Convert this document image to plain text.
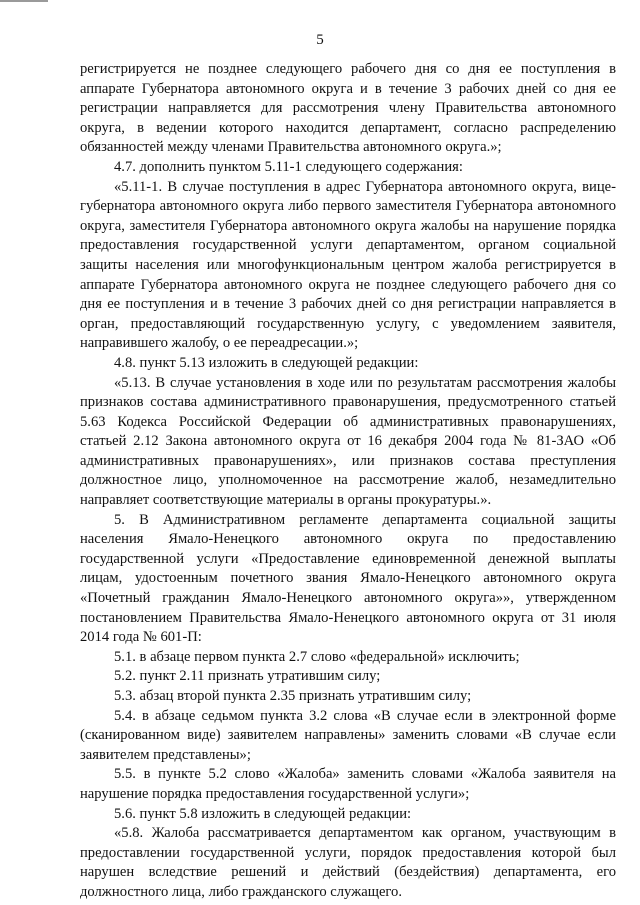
5

регистрируется не позднее следующего рабочего дня со дня ее поступления в аппарате Губернатора автономного округа и в течение 3 рабочих дней со дня ее регистрации направляется для рассмотрения члену Правительства автономного округа, в ведении которого находится департамент, согласно распределению обязанностей между членами Правительства автономного округа.»;

4.7. дополнить пунктом 5.11-1 следующего содержания:

«5.11-1. В случае поступления в адрес Губернатора автономного округа, вице-губернатора автономного округа либо первого заместителя Губернатора автономного округа, заместителя Губернатора автономного округа жалобы на нарушение порядка предоставления государственной услуги департаментом, органом социальной защиты населения или многофункциональным центром жалоба регистрируется в аппарате Губернатора автономного округа не позднее следующего рабочего дня со дня ее поступления и в течение 3 рабочих дней со дня регистрации направляется в орган, предоставляющий государственную услугу, с уведомлением заявителя, направившего жалобу, о ее переадресации.»;

4.8. пункт 5.13 изложить в следующей редакции:

«5.13. В случае установления в ходе или по результатам рассмотрения жалобы признаков состава административного правонарушения, предусмотренного статьей 5.63 Кодекса Российской Федерации об административных правонарушениях, статьей 2.12 Закона автономного округа от 16 декабря 2004 года № 81-ЗАО «Об административных правонарушениях», или признаков состава преступления должностное лицо, уполномоченное на рассмотрение жалоб, незамедлительно направляет соответствующие материалы в органы прокуратуры.».

5. В Административном регламенте департамента социальной защиты населения Ямало-Ненецкого автономного округа по предоставлению государственной услуги «Предоставление единовременной денежной выплаты лицам, удостоенным почетного звания Ямало-Ненецкого автономного округа «Почетный гражданин Ямало-Ненецкого автономного округа»», утвержденном постановлением Правительства Ямало-Ненецкого автономного округа от 31 июля 2014 года № 601-П:

5.1. в абзаце первом пункта 2.7 слово «федеральной» исключить;

5.2. пункт 2.11 признать утратившим силу;

5.3. абзац второй пункта 2.35 признать утратившим силу;

5.4. в абзаце седьмом пункта 3.2 слова «В случае если в электронной форме (сканированном виде) заявителем направлены» заменить словами «В случае если заявителем представлены»;

5.5. в пункте 5.2 слово «Жалоба» заменить словами «Жалоба заявителя на нарушение порядка предоставления государственной услуги»;

5.6. пункт 5.8 изложить в следующей редакции:

«5.8. Жалоба рассматривается департаментом как органом, участвующим в предоставлении государственной услуги, порядок предоставления которой был нарушен вследствие решений и действий (бездействия) департамента, его должностного лица, либо гражданского служащего.
